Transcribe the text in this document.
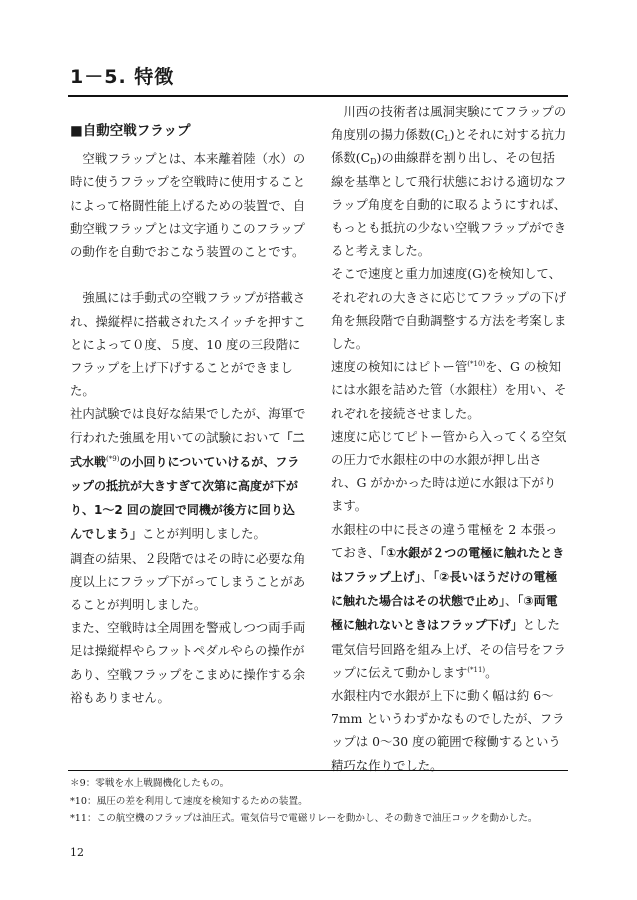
1－5. 特徴
■自動空戦フラップ

空戦フラップとは、本来離着陸（水）の時に使うフラップを空戦時に使用することによって格闘性能上げるための装置で、自動空戦フラップとは文字通りこのフラップの動作を自動でおこなう装置のことです。

強風には手動式の空戦フラップが搭載され、操縦桿に搭載されたスイッチを押すことによって０度、５度、10 度の三段階にフラップを上げ下げすることができました。

社内試験では良好な結果でしたが、海軍で行われた強風を用いての試験において「二式水戦$^{(*9)}$の小回りについていけるが、フラップの抵抗が大きすぎて次第に高度が下がり、1～2 回の旋回で同機が後方に回り込んでしまう」ことが判明しました。

調査の結果、２段階ではその時に必要な角度以上にフラップ下がってしまうことがあることが判明しました。

また、空戦時は全周囲を警戒しつつ両手両足は操縦桿やらフットペダルやらの操作があり、空戦フラップをこまめに操作する余裕もありません。

川西の技術者は風洞実験にてフラップの角度別の揚力係数$(C_L)$とそれに対する抗力係数$(C_D)$の曲線群を割り出し、その包括線を基準として飛行状態における適切なフラップ角度を自動的に取るようにすれば、もっとも抵抗の少ない空戦フラップができると考えました。

そこで速度と重力加速度(G)を検知して、それぞれの大きさに応じてフラップの下げ角を無段階で自動調整する方法を考案しました。

速度の検知にはピトー管$^{(*10)}$を、G の検知には水銀を詰めた管（水銀柱）を用い、それぞれを接続させました。

速度に応じてピトー管から入ってくる空気の圧力で水銀柱の中の水銀が押し出され、G がかかった時は逆に水銀は下がります。

水銀柱の中に長さの違う電極を 2 本張っておき、「①水銀が２つの電極に触れたときはフラップ上げ」、「②長いほうだけの電極に触れた場合はその状態で止め」、「③両電極に触れないときはフラップ下げ」とした電気信号回路を組み上げ、その信号をフラップに伝えて動かします$^{(*11)}$。

水銀柱内で水銀が上下に動く幅は約 6～7mm というわずかなものでしたが、フラップは 0～30 度の範囲で稼働するという精巧な作りでした。

＊9：零戦を水上戦闘機化したもの。
*10：風圧の差を利用して速度を検知するための装置。
*11：この航空機のフラップは油圧式。電気信号で電磁リレーを動かし、その動きで油圧コックを動かした。
12
